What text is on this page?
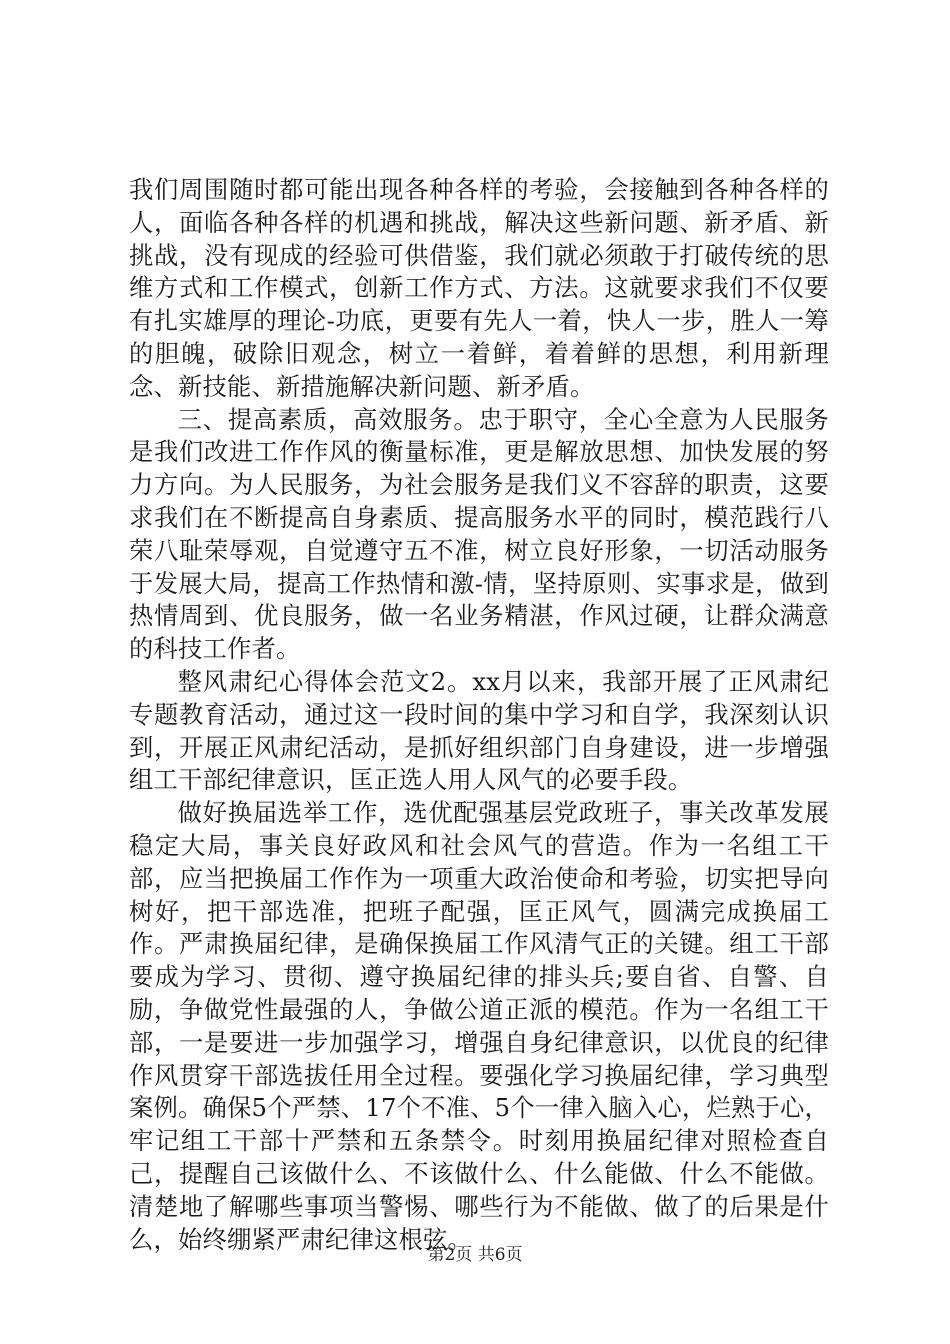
我们周围随时都可能出现各种各样的考验，会接触到各种各样的人，面临各种各样的机遇和挑战，解决这些新问题、新矛盾、新挑战，没有现成的经验可供借鉴，我们就必须敢于打破传统的思维方式和工作模式，创新工作方式、方法。这就要求我们不仅要有扎实雄厚的理论-功底，更要有先人一着，快人一步，胜人一筹的胆魄，破除旧观念，树立一着鲜，着着鲜的思想，利用新理念、新技能、新措施解决新问题、新矛盾。

三、提高素质，高效服务。忠于职守，全心全意为人民服务是我们改进工作作风的衡量标准，更是解放思想、加快发展的努力方向。为人民服务，为社会服务是我们义不容辞的职责，这要求我们在不断提高自身素质、提高服务水平的同时，模范践行八荣八耻荣辱观，自觉遵守五不准，树立良好形象，一切活动服务于发展大局，提高工作热情和激-情，坚持原则、实事求是，做到热情周到、优良服务，做一名业务精湛，作风过硬，让群众满意的科技工作者。

整风肃纪心得体会范文2。xx月以来，我部开展了正风肃纪专题教育活动，通过这一段时间的集中学习和自学，我深刻认识到，开展正风肃纪活动，是抓好组织部门自身建设，进一步增强组工干部纪律意识，匡正选人用人风气的必要手段。

做好换届选举工作，选优配强基层党政班子，事关改革发展稳定大局，事关良好政风和社会风气的营造。作为一名组工干部，应当把换届工作作为一项重大政治使命和考验，切实把导向树好，把干部选准，把班子配强，匡正风气，圆满完成换届工作。严肃换届纪律，是确保换届工作风清气正的关键。组工干部要成为学习、贯彻、遵守换届纪律的排头兵;要自省、自警、自励，争做党性最强的人，争做公道正派的模范。作为一名组工干部，一是要进一步加强学习，增强自身纪律意识，以优良的纪律作风贯穿干部选拔任用全过程。要强化学习换届纪律，学习典型案例。确保5个严禁、17个不准、5个一律入脑入心，烂熟于心，牢记组工干部十严禁和五条禁令。时刻用换届纪律对照检查自己，提醒自己该做什么、不该做什么、什么能做、什么不能做。清楚地了解哪些事项当警惕、哪些行为不能做、做了的后果是什么，始终绷紧严肃纪律这根弦。

第2页 共6页
